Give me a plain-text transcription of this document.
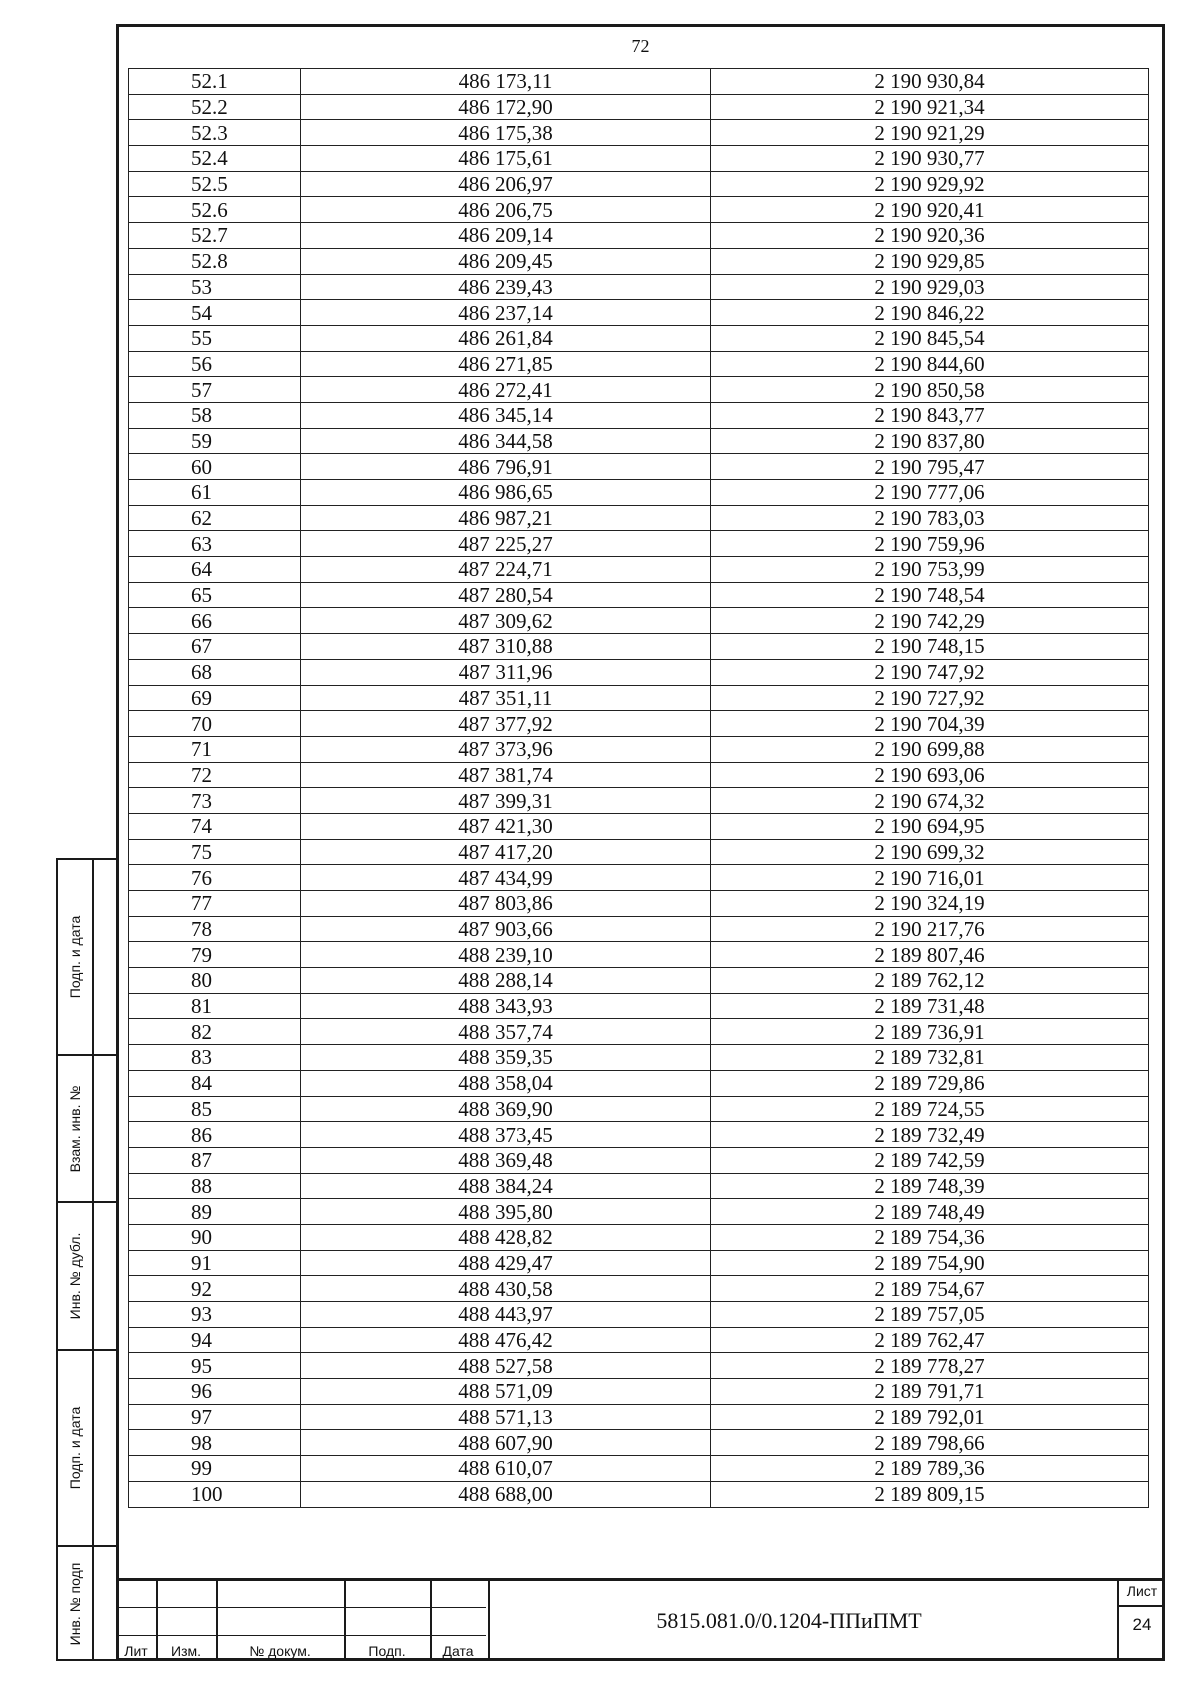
72
52.1	486 173,11	2 190 930,84
52.2	486 172,90	2 190 921,34
52.3	486 175,38	2 190 921,29
52.4	486 175,61	2 190 930,77
52.5	486 206,97	2 190 929,92
52.6	486 206,75	2 190 920,41
52.7	486 209,14	2 190 920,36
52.8	486 209,45	2 190 929,85
53	486 239,43	2 190 929,03
54	486 237,14	2 190 846,22
55	486 261,84	2 190 845,54
56	486 271,85	2 190 844,60
57	486 272,41	2 190 850,58
58	486 345,14	2 190 843,77
59	486 344,58	2 190 837,80
60	486 796,91	2 190 795,47
61	486 986,65	2 190 777,06
62	486 987,21	2 190 783,03
63	487 225,27	2 190 759,96
64	487 224,71	2 190 753,99
65	487 280,54	2 190 748,54
66	487 309,62	2 190 742,29
67	487 310,88	2 190 748,15
68	487 311,96	2 190 747,92
69	487 351,11	2 190 727,92
70	487 377,92	2 190 704,39
71	487 373,96	2 190 699,88
72	487 381,74	2 190 693,06
73	487 399,31	2 190 674,32
74	487 421,30	2 190 694,95
75	487 417,20	2 190 699,32
76	487 434,99	2 190 716,01
77	487 803,86	2 190 324,19
78	487 903,66	2 190 217,76
79	488 239,10	2 189 807,46
80	488 288,14	2 189 762,12
81	488 343,93	2 189 731,48
82	488 357,74	2 189 736,91
83	488 359,35	2 189 732,81
84	488 358,04	2 189 729,86
85	488 369,90	2 189 724,55
86	488 373,45	2 189 732,49
87	488 369,48	2 189 742,59
88	488 384,24	2 189 748,39
89	488 395,80	2 189 748,49
90	488 428,82	2 189 754,36
91	488 429,47	2 189 754,90
92	488 430,58	2 189 754,67
93	488 443,97	2 189 757,05
94	488 476,42	2 189 762,47
95	488 527,58	2 189 778,27
96	488 571,09	2 189 791,71
97	488 571,13	2 189 792,01
98	488 607,90	2 189 798,66
99	488 610,07	2 189 789,36
100	488 688,00	2 189 809,15
Подп. и дата
Взам. инв. №
Инв. № дубл.
Подп. и дата
Инв. № подп
Лит	Изм.	№ докум.	Подп.	Дата
5815.081.0/0.1204-ППиПМТ
Лист
24
